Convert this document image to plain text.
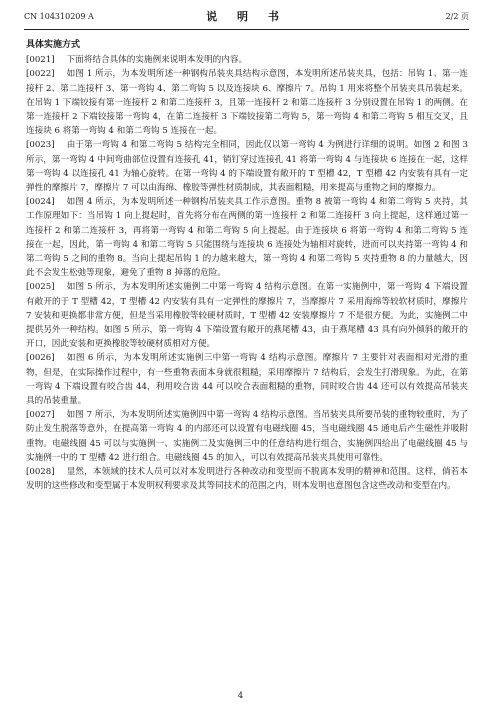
CN 104310209 A	说 明 书	2/2 页
具体实施方式

[0021] 下面将结合具体的实施例来说明本发明的内容。

[0022] 如图 1 所示，为本发明所述一种钢构吊装夹具结构示意图，本发明所述吊装夹具，包括：吊钩 1、第一连接杆 2、第二连接杆 3、第一弯钩 4、第二弯钩 5 以及连接块 6、摩擦片 7。吊钩 1 用来将整个吊装夹具吊装起来。在吊钩 1 下端铰接有第一连接杆 2 和第二连接杆 3，且第一连接杆 2 和第二连接杆 3 分别设置在吊钩 1 的两侧。在第一连接杆 2 下端铰接第一弯钩 4，在第二连接杆 3 下端铰接第二弯钩 5，第一弯钩 4 和第二弯钩 5 相互交叉，且连接块 6 将第一弯钩 4 和第二弯钩 5 连接在一起。

[0023] 由于第一弯钩 4 和第二弯钩 5 结构完全相同，因此仅以第一弯钩 4 为例进行详细的说明。如图 2 和图 3 所示，第一弯钩 4 中间弯曲部位设置有连接孔 41，销钉穿过连接孔 41 将第一弯钩 4 与连接块 6 连接在一起，这样第一弯钩 4 以连接孔 41 为轴心旋转。在第一弯钩 4 的下端设置有敞开的 T 型槽 42，T 型槽 42 内安装有具有一定弹性的摩擦片 7，摩擦片 7 可以由海绵、橡胶等弹性材质制成，其表面粗糙，用来提高与重物之间的摩擦力。

[0024] 如图 4 所示，为本发明所述一种钢构吊装夹具工作示意图。重物 8 被第一弯钩 4 和第二弯钩 5 夹持，其工作原理如下：当吊钩 1 向上提起时，首先将分布在两侧的第一连接杆 2 和第二连接杆 3 向上提起，这样通过第一连接杆 2 和第二连接杆 3，再将第一弯钩 4 和第二弯钩 5 向上提起。由于连接块 6 将第一弯钩 4 和第二弯钩 5 连接在一起，因此，第一弯钩 4 和第二弯钩 5 只能围绕与连接块 6 连接处为轴相对旋转，进而可以夹持第一弯钩 4 和第二弯钩 5 之间的重物 8。当向上提起吊钩 1 的力越来越大，第一弯钩 4 和第二弯钩 5 夹持重物 8 的力量越大，因此不会发生松弛等现象，避免了重物 8 掉落的危险。

[0025] 如图 5 所示，为本发明所述实施例二中第一弯钩 4 结构示意图。在第一实施例中，第一弯钩 4 下端设置有敞开的于 T 型槽 42，T 型槽 42 内安装有具有一定弹性的摩擦片 7，当摩擦片 7 采用海绵等较软材质时，摩擦片 7 安装和更换都非常方便，但是当采用橡胶等较硬材质时，T 型槽 42 安装摩擦片 7 不是很方便。为此，实施例二中提供另外一种结构。如图 5 所示，第一弯钩 4 下端设置有敞开的燕尾槽 43，由于燕尾槽 43 具有向外倾斜的敞开的开口，因此安装和更换橡胶等较硬材质相对方便。

[0026] 如图 6 所示，为本发明所述实施例三中第一弯钩 4 结构示意图。摩擦片 7 主要针对表面相对光滑的重物，但是，在实际操作过程中，有一些重物表面本身就很粗糙，采用摩擦片 7 结构后，会发生打滑现象。为此，在第一弯钩 4 下端设置有咬合齿 44，利用咬合齿 44 可以咬合表面粗糙的重物，同时咬合齿 44 还可以有效提高吊装夹具的吊装重量。

[0027] 如图 7 所示，为本发明所述实施例四中第一弯钩 4 结构示意图。当吊装夹具所要吊装的重物较重时，为了防止发生脱落等意外，在提高第一弯钩 4 的内部还可以设置有电磁线圈 45，当电磁线圈 45 通电后产生磁性并吸附重物。电磁线圈 45 可以与实施例一、实施例二及实施例三中的任意结构进行组合，实施例四给出了电磁线圈 45 与实施例一中的 T 型槽 42 进行组合。电磁线圈 45 的加入，可以有效提高吊装夹具使用可靠性。

[0028] 显然，本领域的技术人员可以对本发明进行各种改动和变型而不脱离本发明的精神和范围。这样，倘若本发明的这些修改和变型属于本发明权利要求及其等同技术的范围之内，则本发明也意图包含这些改动和变型在内。

4
